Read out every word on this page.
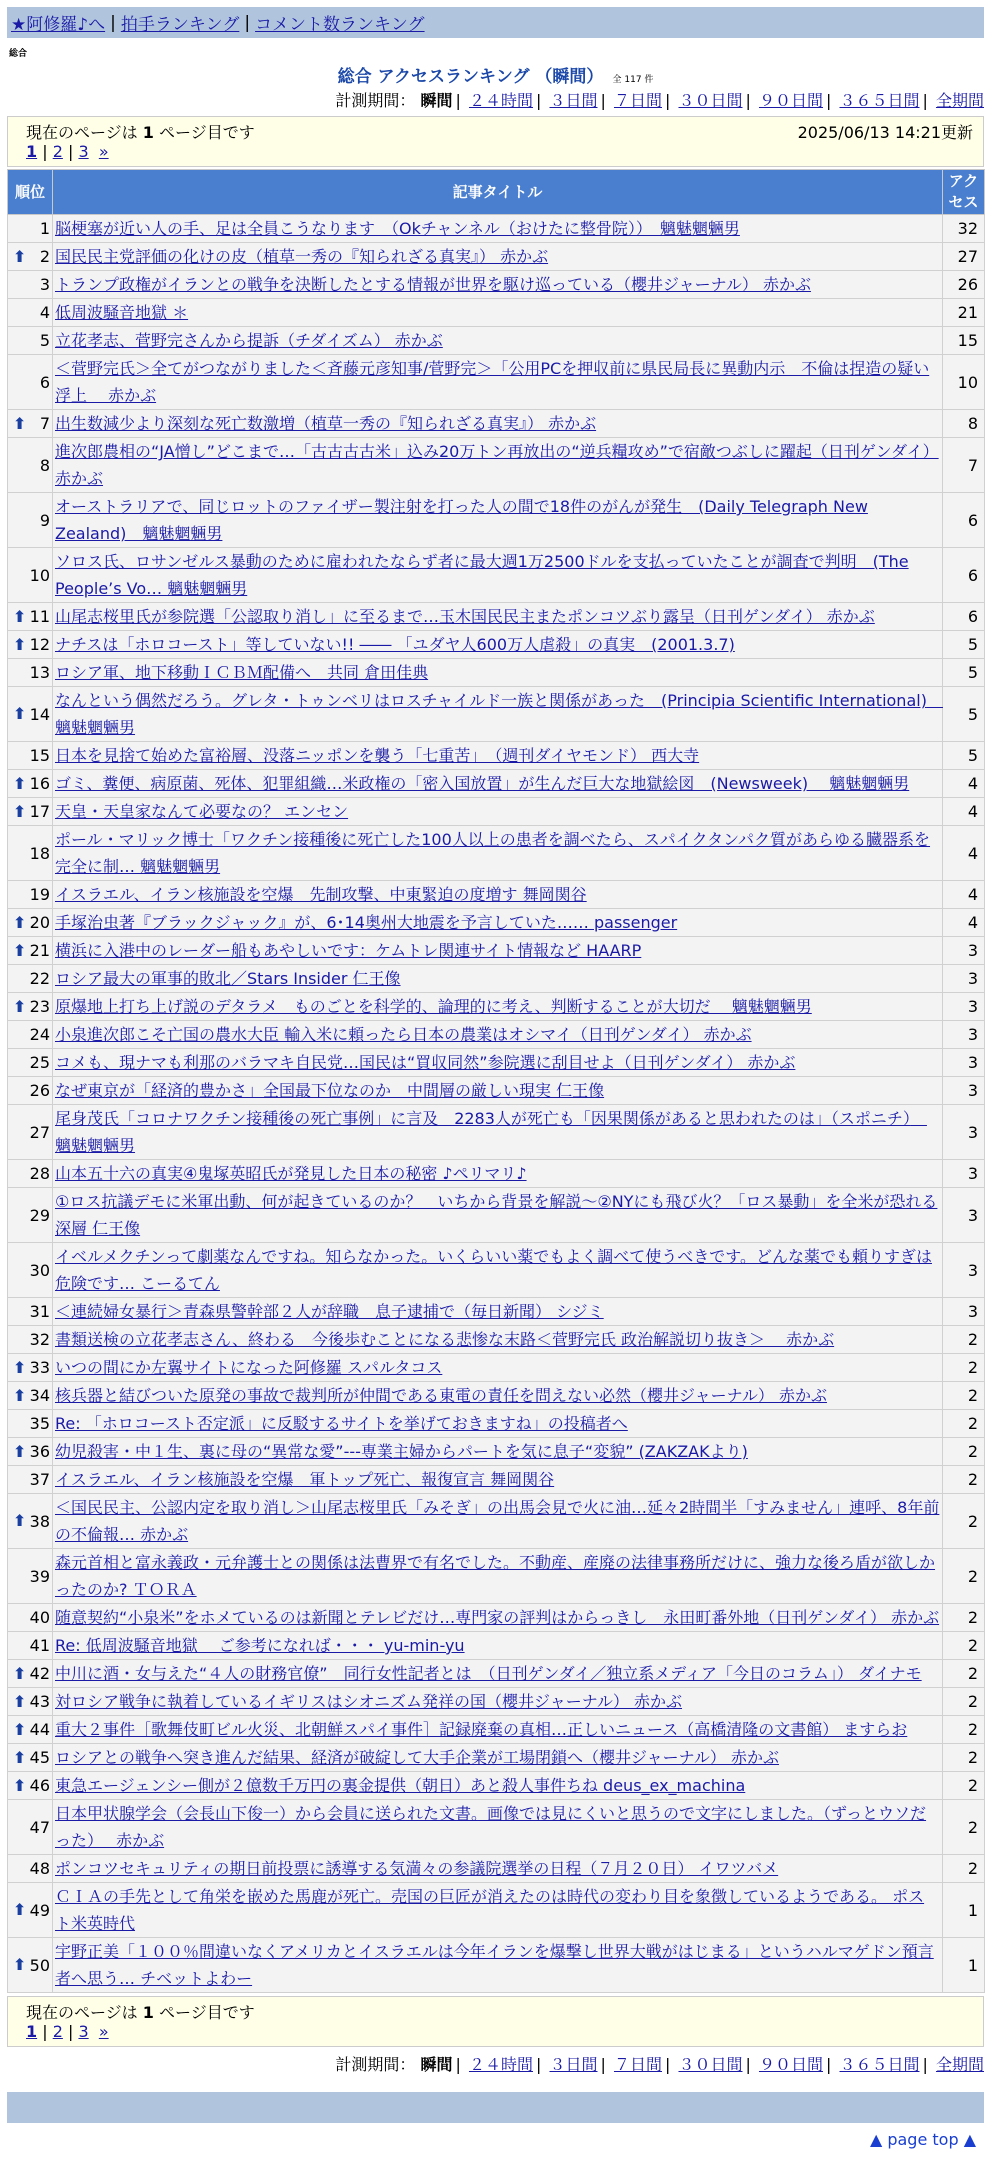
★阿修羅♪へ | 拍手ランキング | コメント数ランキング
総合
総合 アクセスランキング （瞬間） 全 117 件
計測期間： 瞬間 | ２４時間 | ３日間 | ７日間 | ３０日間 | ９０日間 | ３６５日間 | 全期間
現在のページは 1 ページ目です	2025/06/13 14:21更新
1 | 2 | 3 »
順位	記事タイトル	アクセス
1	脳梗塞が近い人の手、足は全員こうなります　（Okチャンネル（おけたに整骨院））　魑魅魍魎男	32

⬆ 2	国民民主党評価の化けの皮（植草一秀の『知られざる真実』） 赤かぶ	27
3	トランプ政権がイランとの戦争を決断したとする情報が世界を駆け巡っている（櫻井ジャーナル） 赤かぶ	26
4	低周波騒音地獄 ＊	21
5	立花孝志、菅野完さんから提訴（チダイズム） 赤かぶ	15
6	＜菅野完氏＞全てがつながりました＜斉藤元彦知事/菅野完＞「公用PCを押収前に県民局長に異動内示　不倫は捏造の疑い浮上　 赤かぶ	10

⬆ 7	出生数減少より深刻な死亡数激増（植草一秀の『知られざる真実』） 赤かぶ	8
8	進次郎農相の“JA憎し”どこまで…「古古古古米」込み20万トン再放出の“逆兵糧攻め”で宿敵つぶしに躍起（日刊ゲンダイ） 赤かぶ	7
9	オーストラリアで、同じロットのファイザー製注射を打った人の間で18件のがんが発生　(Daily Telegraph New Zealand)　魑魅魍魎男	6
10	ソロス氏、ロサンゼルス暴動のために雇われたならず者に最大週1万2500ドルを支払っていたことが調査で判明　(The People’s Vo… 魑魅魍魎男	6

⬆ 11	山尾志桜里氏が参院選「公認取り消し」に至るまで…玉木国民民主またポンコツぶり露呈（日刊ゲンダイ） 赤かぶ	6

⬆ 12	ナチスは「ホロコースト」等していない!! ―― 「ユダヤ人600万人虐殺」の真実　(2001.3.7)	5
13	ロシア軍、地下移動ＩＣＢＭ配備へ　共同 倉田佳典	5

⬆ 14	なんという偶然だろう。グレタ・トゥンベリはロスチャイルド一族と関係があった　(Principia Scientific International)　魑魅魍魎男	5
15	日本を見捨て始めた富裕層、没落ニッポンを襲う「七重苦」　（週刊ダイヤモンド） 西大寺	5

⬆ 16	ゴミ、糞便、病原菌、死体、犯罪組織…米政権の「密入国放置」が生んだ巨大な地獄絵図　(Newsweek)　 魑魅魍魎男	4

⬆ 17	天皇・天皇家なんて必要なの？ エンセン	4
18	ポール・マリック博士「ワクチン接種後に死亡した100人以上の患者を調べたら、スパイクタンパク質があらゆる臓器系を完全に制… 魑魅魍魎男	4
19	イスラエル、イラン核施設を空爆　先制攻撃、中東緊迫の度増す 舞岡関谷	4

⬆ 20	手塚治虫著『ブラックジャック』が、6･14奥州大地震を予言していた…… passenger	4

⬆ 21	横浜に入港中のレーダー船もあやしいです：ケムトレ関連サイト情報など HAARP	3
22	ロシア最大の軍事的敗北／Stars Insider 仁王像	3

⬆ 23	原爆地上打ち上げ説のデタラメ　ものごとを科学的、論理的に考え、判断することが大切だ　 魑魅魍魎男	3
24	小泉進次郎こそ亡国の農水大臣 輸入米に頼ったら日本の農業はオシマイ（日刊ゲンダイ） 赤かぶ	3
25	コメも、現ナマも利那のバラマキ自民党…国民は“買収同然”参院選に刮目せよ（日刊ゲンダイ） 赤かぶ	3
26	なぜ東京が「経済的豊かさ」全国最下位なのか　中間層の厳しい現実 仁王像	3
27	尾身茂氏「コロナワクチン接種後の死亡事例」に言及　2283人が死亡も「因果関係があると思われたのは」（スポニチ）　魑魅魍魎男	3
28	山本五十六の真実④鬼塚英昭氏が発見した日本の秘密 ♪ペリマリ♪	3
29	①ロス抗議デモに米軍出動、何が起きているのか？　いちから背景を解説～②NYにも飛び火？「ロス暴動」を全米が恐れる深層 仁王像	3
30	イベルメクチンって劇薬なんですね。知らなかった。いくらいい薬でもよく調べて使うべきです。どんな薬でも頼りすぎは危険です… こーるてん	3
31	＜連続婦女暴行＞青森県警幹部２人が辞職　息子逮捕で（毎日新聞） シジミ	3
32	書類送検の立花孝志さん、終わる　今後歩むことになる悲惨な末路＜菅野完氏 政治解説切り抜き＞　 赤かぶ	2

⬆ 33	いつの間にか左翼サイトになった阿修羅 スパルタコス	2

⬆ 34	核兵器と結びついた原発の事故で裁判所が仲間である東電の責任を問えない必然（櫻井ジャーナル） 赤かぶ	2
35	Re: 「ホロコースト否定派」に反駁するサイトを挙げておきますね」の投稿者へ	2

⬆ 36	幼児殺害・中１生、裏に母の“異常な愛”---専業主婦からパートを気に息子“変貌” (ZAKZAKより)	2
37	イスラエル、イラン核施設を空爆　軍トップ死亡、報復宣言 舞岡関谷	2

⬆ 38	＜国民民主、公認内定を取り消し＞山尾志桜里氏「みそぎ」の出馬会見で火に油…延々2時間半「すみません」連呼、8年前の不倫報… 赤かぶ	2
39	森元首相と富永義政・元弁護士との関係は法曹界で有名でした。不動産、産廃の法律事務所だけに、強力な後ろ盾が欲しかったのか? ＴＯＲＡ	2
40	随意契約“小泉米”をホメているのは新聞とテレビだけ…専門家の評判はからっきし　永田町番外地（日刊ゲンダイ） 赤かぶ	2
41	Re: 低周波騒音地獄　 ご参考になれば・・・ yu-min-yu	2

⬆ 42	中川に酒・女与えた“４人の財務官僚”　同行女性記者とは　（日刊ゲンダイ／独立系メディア「今日のコラム」） ダイナモ	2

⬆ 43	対ロシア戦争に執着しているイギリスはシオニズム発祥の国（櫻井ジャーナル） 赤かぶ	2

⬆ 44	重大２事件［歌舞伎町ビル火災、北朝鮮スパイ事件］記録廃棄の真相…正しいニュース（高橋清隆の文書館） ますらお	2

⬆ 45	ロシアとの戦争へ突き進んだ結果、経済が破綻して大手企業が工場閉鎖へ（櫻井ジャーナル） 赤かぶ	2

⬆ 46	東急エージェンシー側が２億数千万円の裏金提供（朝日）あと殺人事件ちね deus_ex_machina	2
47	日本甲状腺学会（会長山下俊一）から会員に送られた文書。画像では見にくいと思うので文字にしました。（ずっとウソだった）　 赤かぶ	2
48	ポンコツセキュリティの期日前投票に誘導する気満々の参議院選挙の日程（７月２０日） イワツバメ	2

⬆ 49	ＣＩＡの手先として角栄を嵌めた馬鹿が死亡。売国の巨匠が消えたのは時代の変わり目を象徴しているようである。 ポスト米英時代	1

⬆ 50	宇野正美「１００％間違いなくアメリカとイスラエルは今年イランを爆撃し世界大戦がはじまる」というハルマゲドン預言者へ思う… チベットよわー	1
現在のページは 1 ページ目です
1 | 2 | 3 »
計測期間： 瞬間 | ２４時間 | ３日間 | ７日間 | ３０日間 | ９０日間 | ３６５日間 | 全期間
▲ page top ▲
